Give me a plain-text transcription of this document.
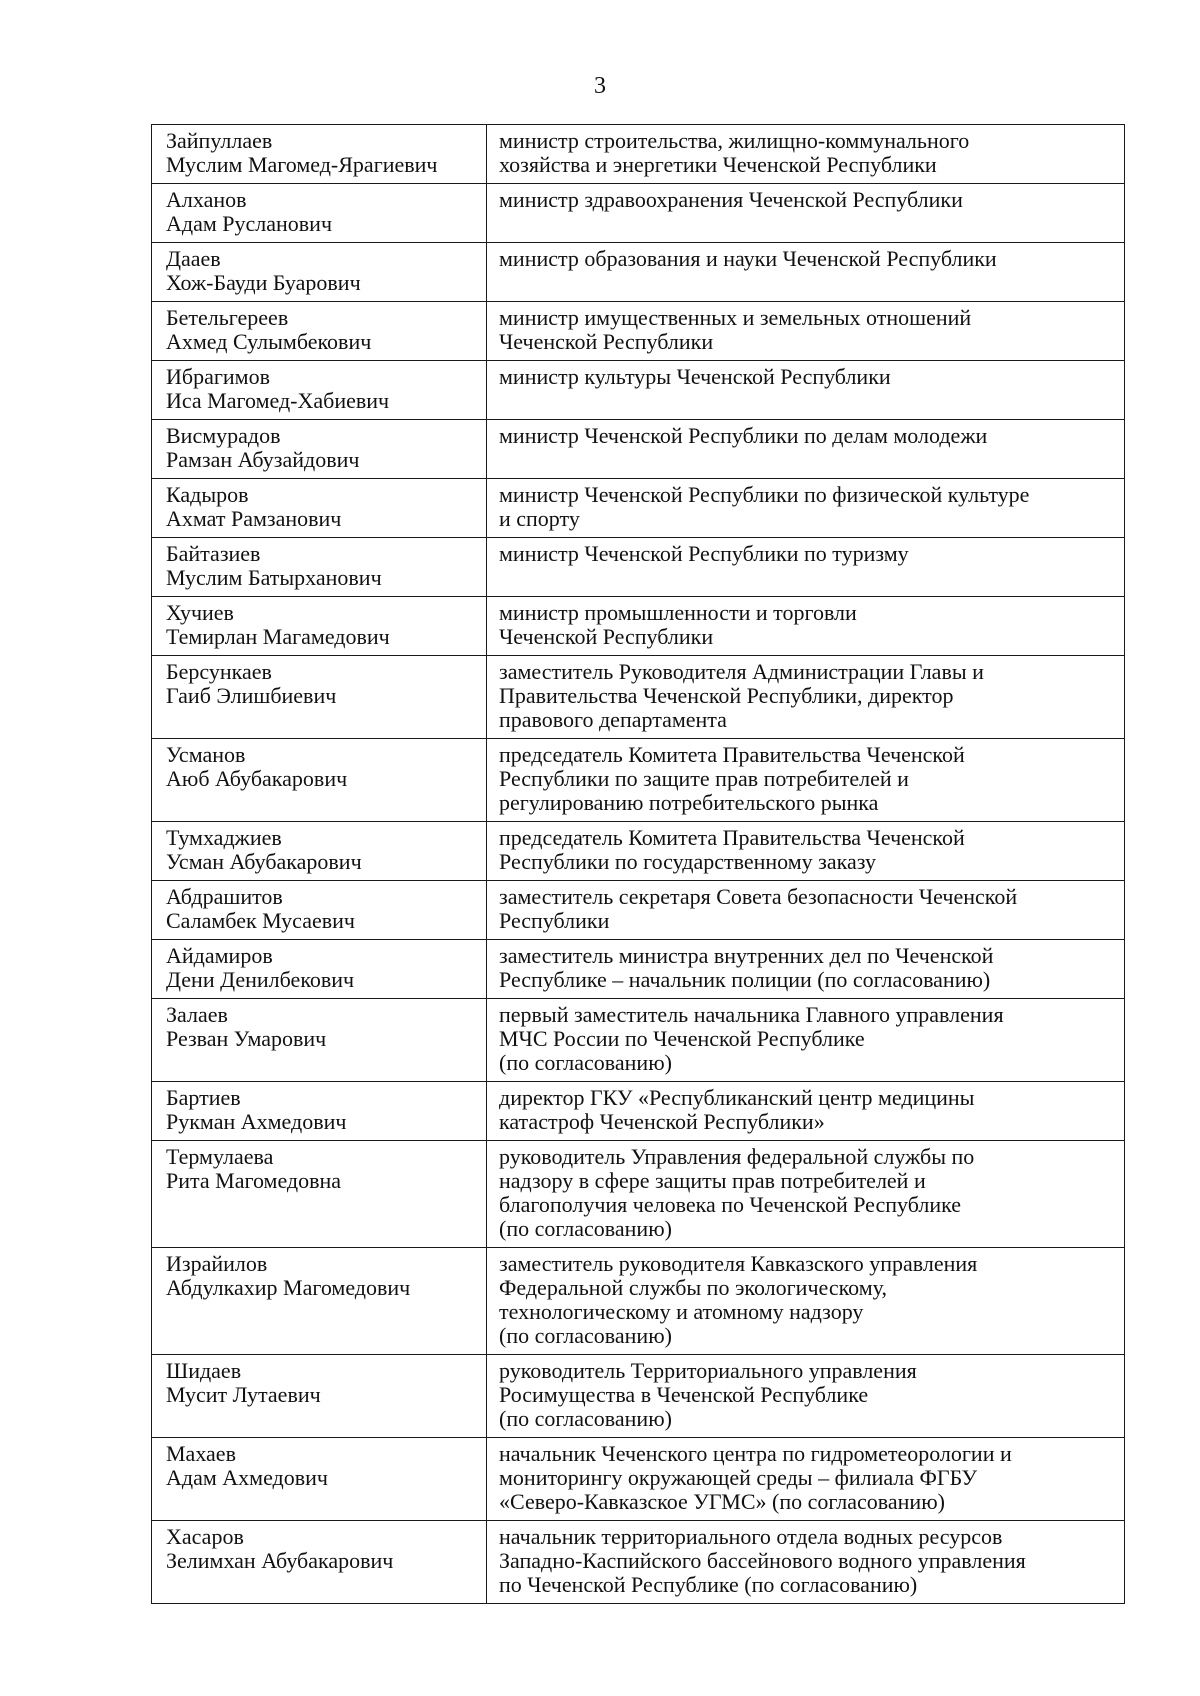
3
Зайпуллаев
Муслим Магомед-Ярагиевич	министр строительства, жилищно-коммунального
хозяйства и энергетики Чеченской Республики

Алханов
Адам Русланович	министр здравоохранения Чеченской Республики

Дааев
Хож-Бауди Буарович	министр образования и науки Чеченской Республики

Бетельгереев
Ахмед Сулымбекович	министр имущественных и земельных отношений
Чеченской Республики

Ибрагимов
Иса Магомед-Хабиевич	министр культуры Чеченской Республики

Висмурадов
Рамзан Абузайдович	министр Чеченской Республики по делам молодежи

Кадыров
Ахмат Рамзанович	министр Чеченской Республики по физической культуре
и спорту

Байтазиев
Муслим Батырханович	министр Чеченской Республики по туризму

Хучиев
Темирлан Магамедович	министр промышленности и торговли
Чеченской Республики

Берсункаев
Гаиб Элишбиевич	заместитель Руководителя Администрации Главы и
Правительства Чеченской Республики, директор
правового департамента

Усманов
Аюб Абубакарович	председатель Комитета Правительства Чеченской
Республики по защите прав потребителей и
регулированию потребительского рынка

Тумхаджиев
Усман Абубакарович	председатель Комитета Правительства Чеченской
Республики по государственному заказу

Абдрашитов
Саламбек Мусаевич	заместитель секретаря Совета безопасности Чеченской
Республики

Айдамиров
Дени Денилбекович	заместитель министра внутренних дел по Чеченской
Республике – начальник полиции (по согласованию)

Залаев
Резван Умарович	первый заместитель начальника Главного управления
МЧС России по Чеченской Республике
(по согласованию)

Бартиев
Рукман Ахмедович	директор ГКУ «Республиканский центр медицины
катастроф Чеченской Республики»

Термулаева
Рита Магомедовна	руководитель Управления федеральной службы по
надзору в сфере защиты прав потребителей и
благополучия человека по Чеченской Республике
(по согласованию)

Израйилов
Абдулкахир Магомедович	заместитель руководителя Кавказского управления
Федеральной службы по экологическому,
технологическому и атомному надзору
(по согласованию)

Шидаев
Мусит Лутаевич	руководитель Территориального управления
Росимущества в Чеченской Республике
(по согласованию)

Махаев
Адам Ахмедович	начальник Чеченского центра по гидрометеорологии и
мониторингу окружающей среды – филиала ФГБУ
«Северо-Кавказское УГМС» (по согласованию)

Хасаров
Зелимхан Абубакарович	начальник территориального отдела водных ресурсов
Западно-Каспийского бассейнового водного управления
по Чеченской Республике (по согласованию)
